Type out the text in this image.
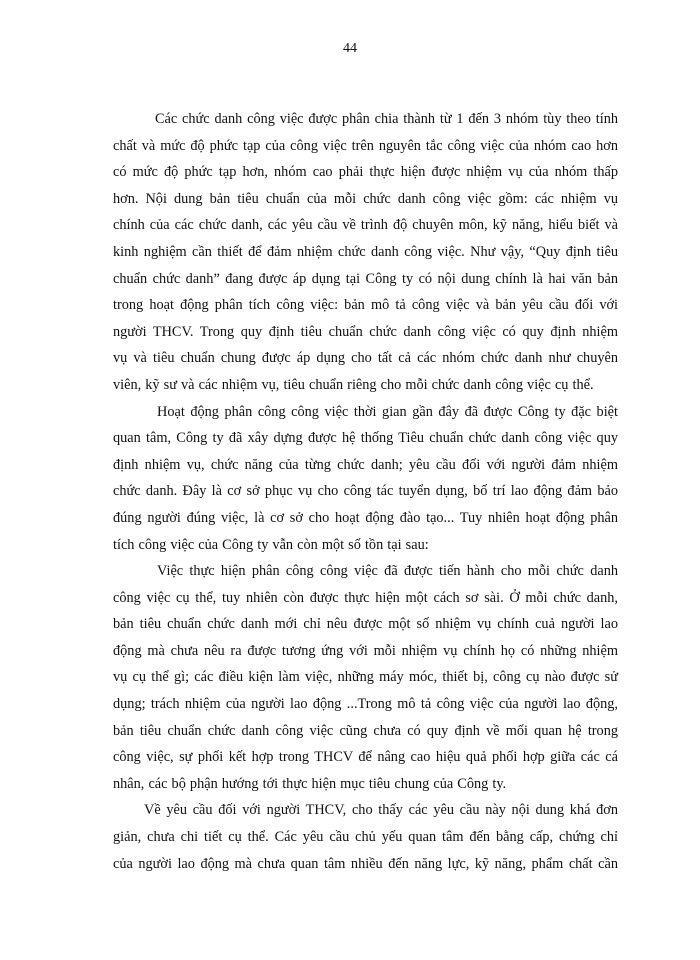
44
Các chức danh công việc được phân chia thành từ 1 đến 3 nhóm tùy theo tính
chất và mức độ phức tạp của công việc trên nguyên tắc công việc của nhóm cao hơn
có mức độ phức tạp hơn, nhóm cao phải thực hiện được nhiệm vụ của nhóm thấp
hơn. Nội dung bản tiêu chuẩn của mỗi chức danh công việc gồm: các nhiệm vụ
chính của các chức danh, các yêu cầu về trình độ chuyên môn, kỹ năng, hiểu biết và
kinh nghiệm cần thiết để đảm nhiệm chức danh công việc. Như vậy, “Quy định tiêu
chuẩn chức danh” đang được áp dụng tại Công ty có nội dung chính là hai văn bản
trong hoạt động phân tích công việc: bản mô tả công việc và bản yêu cầu đối với
người THCV. Trong quy định tiêu chuẩn chức danh công việc có quy định nhiệm
vụ và tiêu chuẩn chung được áp dụng cho tất cả các nhóm chức danh như chuyên
viên, kỹ sư và các nhiệm vụ, tiêu chuẩn riêng cho mỗi chức danh công việc cụ thể.
Hoạt động phân công công việc thời gian gần đây đã được Công ty đặc biệt
quan tâm, Công ty đã xây dựng được hệ thống Tiêu chuẩn chức danh công việc quy
định nhiệm vụ, chức năng của từng chức danh; yêu cầu đối với người đảm nhiệm
chức danh. Đây là cơ sở phục vụ cho công tác tuyển dụng, bố trí lao động đảm bảo
đúng người đúng việc, là cơ sở cho hoạt động đào tạo... Tuy nhiên hoạt động phân
tích công việc của Công ty vẫn còn một số tồn tại sau:
Việc thực hiện phân công công việc đã được tiến hành cho mỗi chức danh
công việc cụ thể, tuy nhiên còn được thực hiện một cách sơ sài. Ở mỗi chức danh,
bản tiêu chuẩn chức danh mới chỉ nêu được một số nhiệm vụ chính cuả người lao
động mà chưa nêu ra được tương ứng với mỗi nhiệm vụ chính họ có những nhiệm
vụ cụ thể gì; các điều kiện làm việc, những máy móc, thiết bị, công cụ nào được sử
dụng; trách nhiệm của người lao động ...Trong mô tả công việc của người lao động,
bản tiêu chuẩn chức danh công việc cũng chưa có quy định về mối quan hệ trong
công việc, sự phối kết hợp trong THCV để nâng cao hiệu quả phối hợp giữa các cá
nhân, các bộ phận hướng tới thực hiện mục tiêu chung của Công ty.
Về yêu cầu đối với người THCV, cho thấy các yêu cầu này nội dung khá đơn
giản, chưa chi tiết cụ thể. Các yêu cầu chủ yếu quan tâm đến bằng cấp, chứng chỉ
của người lao động mà chưa quan tâm nhiều đến năng lực, kỹ năng, phẩm chất cần
